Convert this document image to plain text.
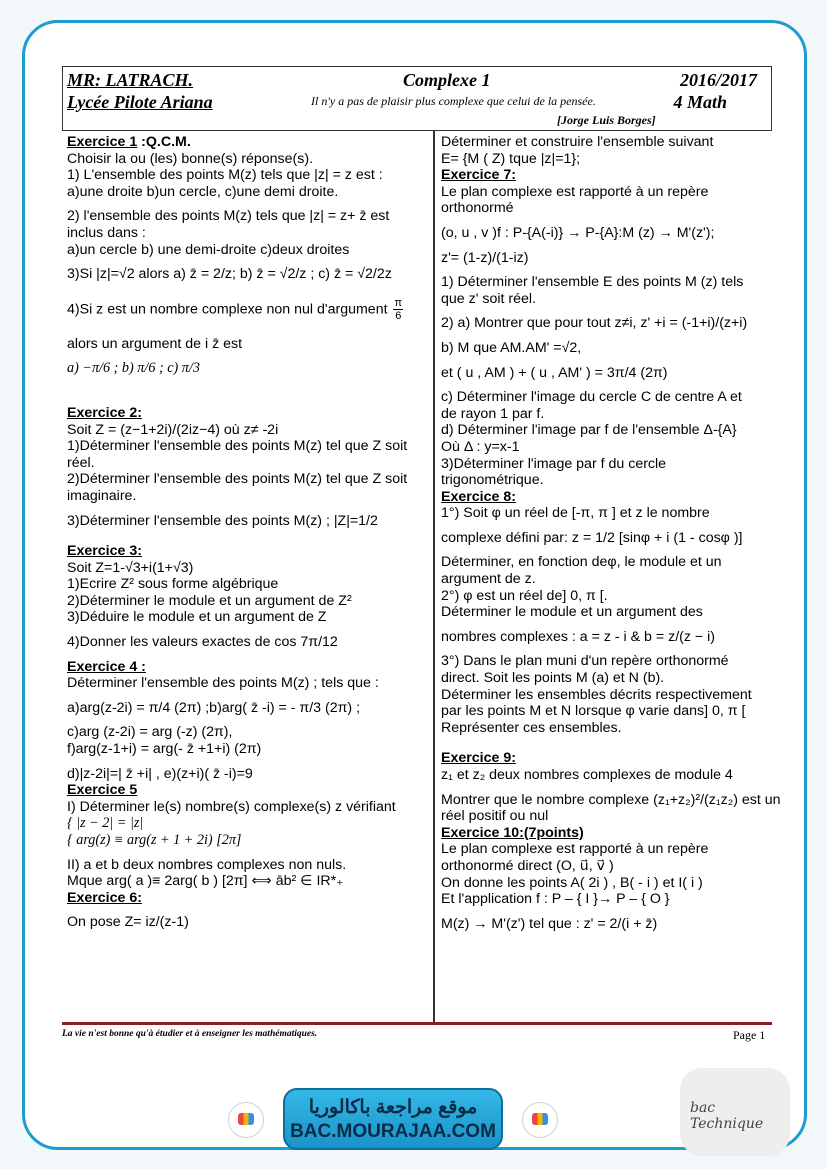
MR: LATRACH.	Complexe 1	2016/2017
Lycée Pilote Ariana	Il n'y a pas de plaisir plus complexe que celui de la pensée.	4 Math
[Jorge Luis Borges]

Exercice 1 :Q.C.M.

Choisir la ou (les) bonne(s) réponse(s).

1) L'ensemble des points M(z) tels que |z| = z est :

a)une droite b)un cercle, c)une demi droite.

2) l'ensemble des points M(z) tels que |z| = z+ z̄ est

inclus dans :

a)un cercle b) une demi-droite c)deux droites

3)Si |z|=√2 alors a) z̄ = 2/z; b) z̄ = √2/z ; c) z̄ = √2/2z

4)Si z est un nombre complexe non nul d'argument $\frac{\pi}{6}$

alors un argument de i z̄ est

a) −π/6 ; b) π/6 ; c) π/3

Exercice 2:

Soit Z = (z−1+2i)/(2iz−4) où z≠ -2i

1)Déterminer l'ensemble des points M(z) tel que Z soit

réel.

2)Déterminer l'ensemble des points M(z) tel que Z soit

imaginaire.

3)Déterminer l'ensemble des points M(z) ; |Z|=1/2

Exercice 3:

Soit Z=1-√3+i(1+√3)

1)Ecrire Z² sous forme algébrique

2)Déterminer le module et un argument de Z²

3)Déduire le module et un argument de Z

4)Donner les valeurs exactes de cos 7π/12

Exercice 4 :

Déterminer l'ensemble des points M(z) ; tels que :

a)arg(z-2i) = π/4 (2π) ;b)arg( z̄ -i) = - π/3 (2π) ;

c)arg (z-2i) = arg (-z) (2π),

f)arg(z-1+i) = arg(- z̄ +1+i) (2π)

d)|z-2i|=| z̄ +i| , e)(z+i)( z̄ -i)=9

Exercice 5

I) Déterminer le(s) nombre(s) complexe(s) z vérifiant

{ |z − 2| = |z|

{ arg(z) ≡ arg(z + 1 + 2i) [2π]

II) a et b deux nombres complexes non nuls.

Mque arg( a )≡ 2arg( b ) [2π] ⟺ āb² ∈ IR*₊

Exercice 6:

On pose Z= iz/(z-1)

Déterminer et construire l'ensemble suivant

E= {M ( Z) tque |z|=1};

Exercice 7:

Le plan complexe est rapporté à un repère

orthonormé

(o, u , v )f : P-{A(-i)} → P-{A}:M (z) → M'(z');

z'= (1-z)/(1-iz)

1) Déterminer l'ensemble E des points M (z) tels

que z' soit réel.

2) a) Montrer que pour tout z≠i, z' +i = (-1+i)/(z+i)

b) M que AM.AM' =√2,

et ( u , AM ) + ( u , AM' ) = 3π/4 (2π)

c) Déterminer l'image du cercle C de centre A et

de rayon 1 par f.

d) Déterminer l'image par f de l'ensemble Δ-{A}

Où Δ : y=x-1

3)Déterminer l'image par f du cercle

trigonométrique.

Exercice 8:

1°) Soit φ un réel de [-π, π ] et z le nombre

complexe défini par: z = 1/2 [sinφ + i (1 - cosφ )]

Déterminer, en fonction deφ, le module et un

argument de z.

2°) φ est un réel de] 0, π [.

Déterminer le module et un argument des

nombres complexes : a = z - i & b = z/(z − i)

3°) Dans le plan muni d'un repère orthonormé

direct. Soit les points M (a) et N (b).

Déterminer les ensembles décrits respectivement

par les points M et N lorsque φ varie dans] 0, π [

Représenter ces ensembles.

Exercice 9:

z₁ et z₂ deux nombres complexes de module 4

Montrer que le nombre complexe (z₁+z₂)²/(z₁z₂) est un

réel positif ou nul

Exercice 10:(7points)

Le plan complexe est rapporté à un repère

orthonormé direct (O, u⃗, v⃗ )

On donne les points A( 2i ) , B( - i ) et I( i )

Et l'application f : P – { I }→ P – { O }

M(z) → M'(z') tel que : z' = 2/(i + z̄)

La vie n'est bonne qu'à étudier et à enseigner les mathématiques.	Page 1
موقع مراجعة باكالوريا
BAC.MOURAJAA.COM
bac Technique
